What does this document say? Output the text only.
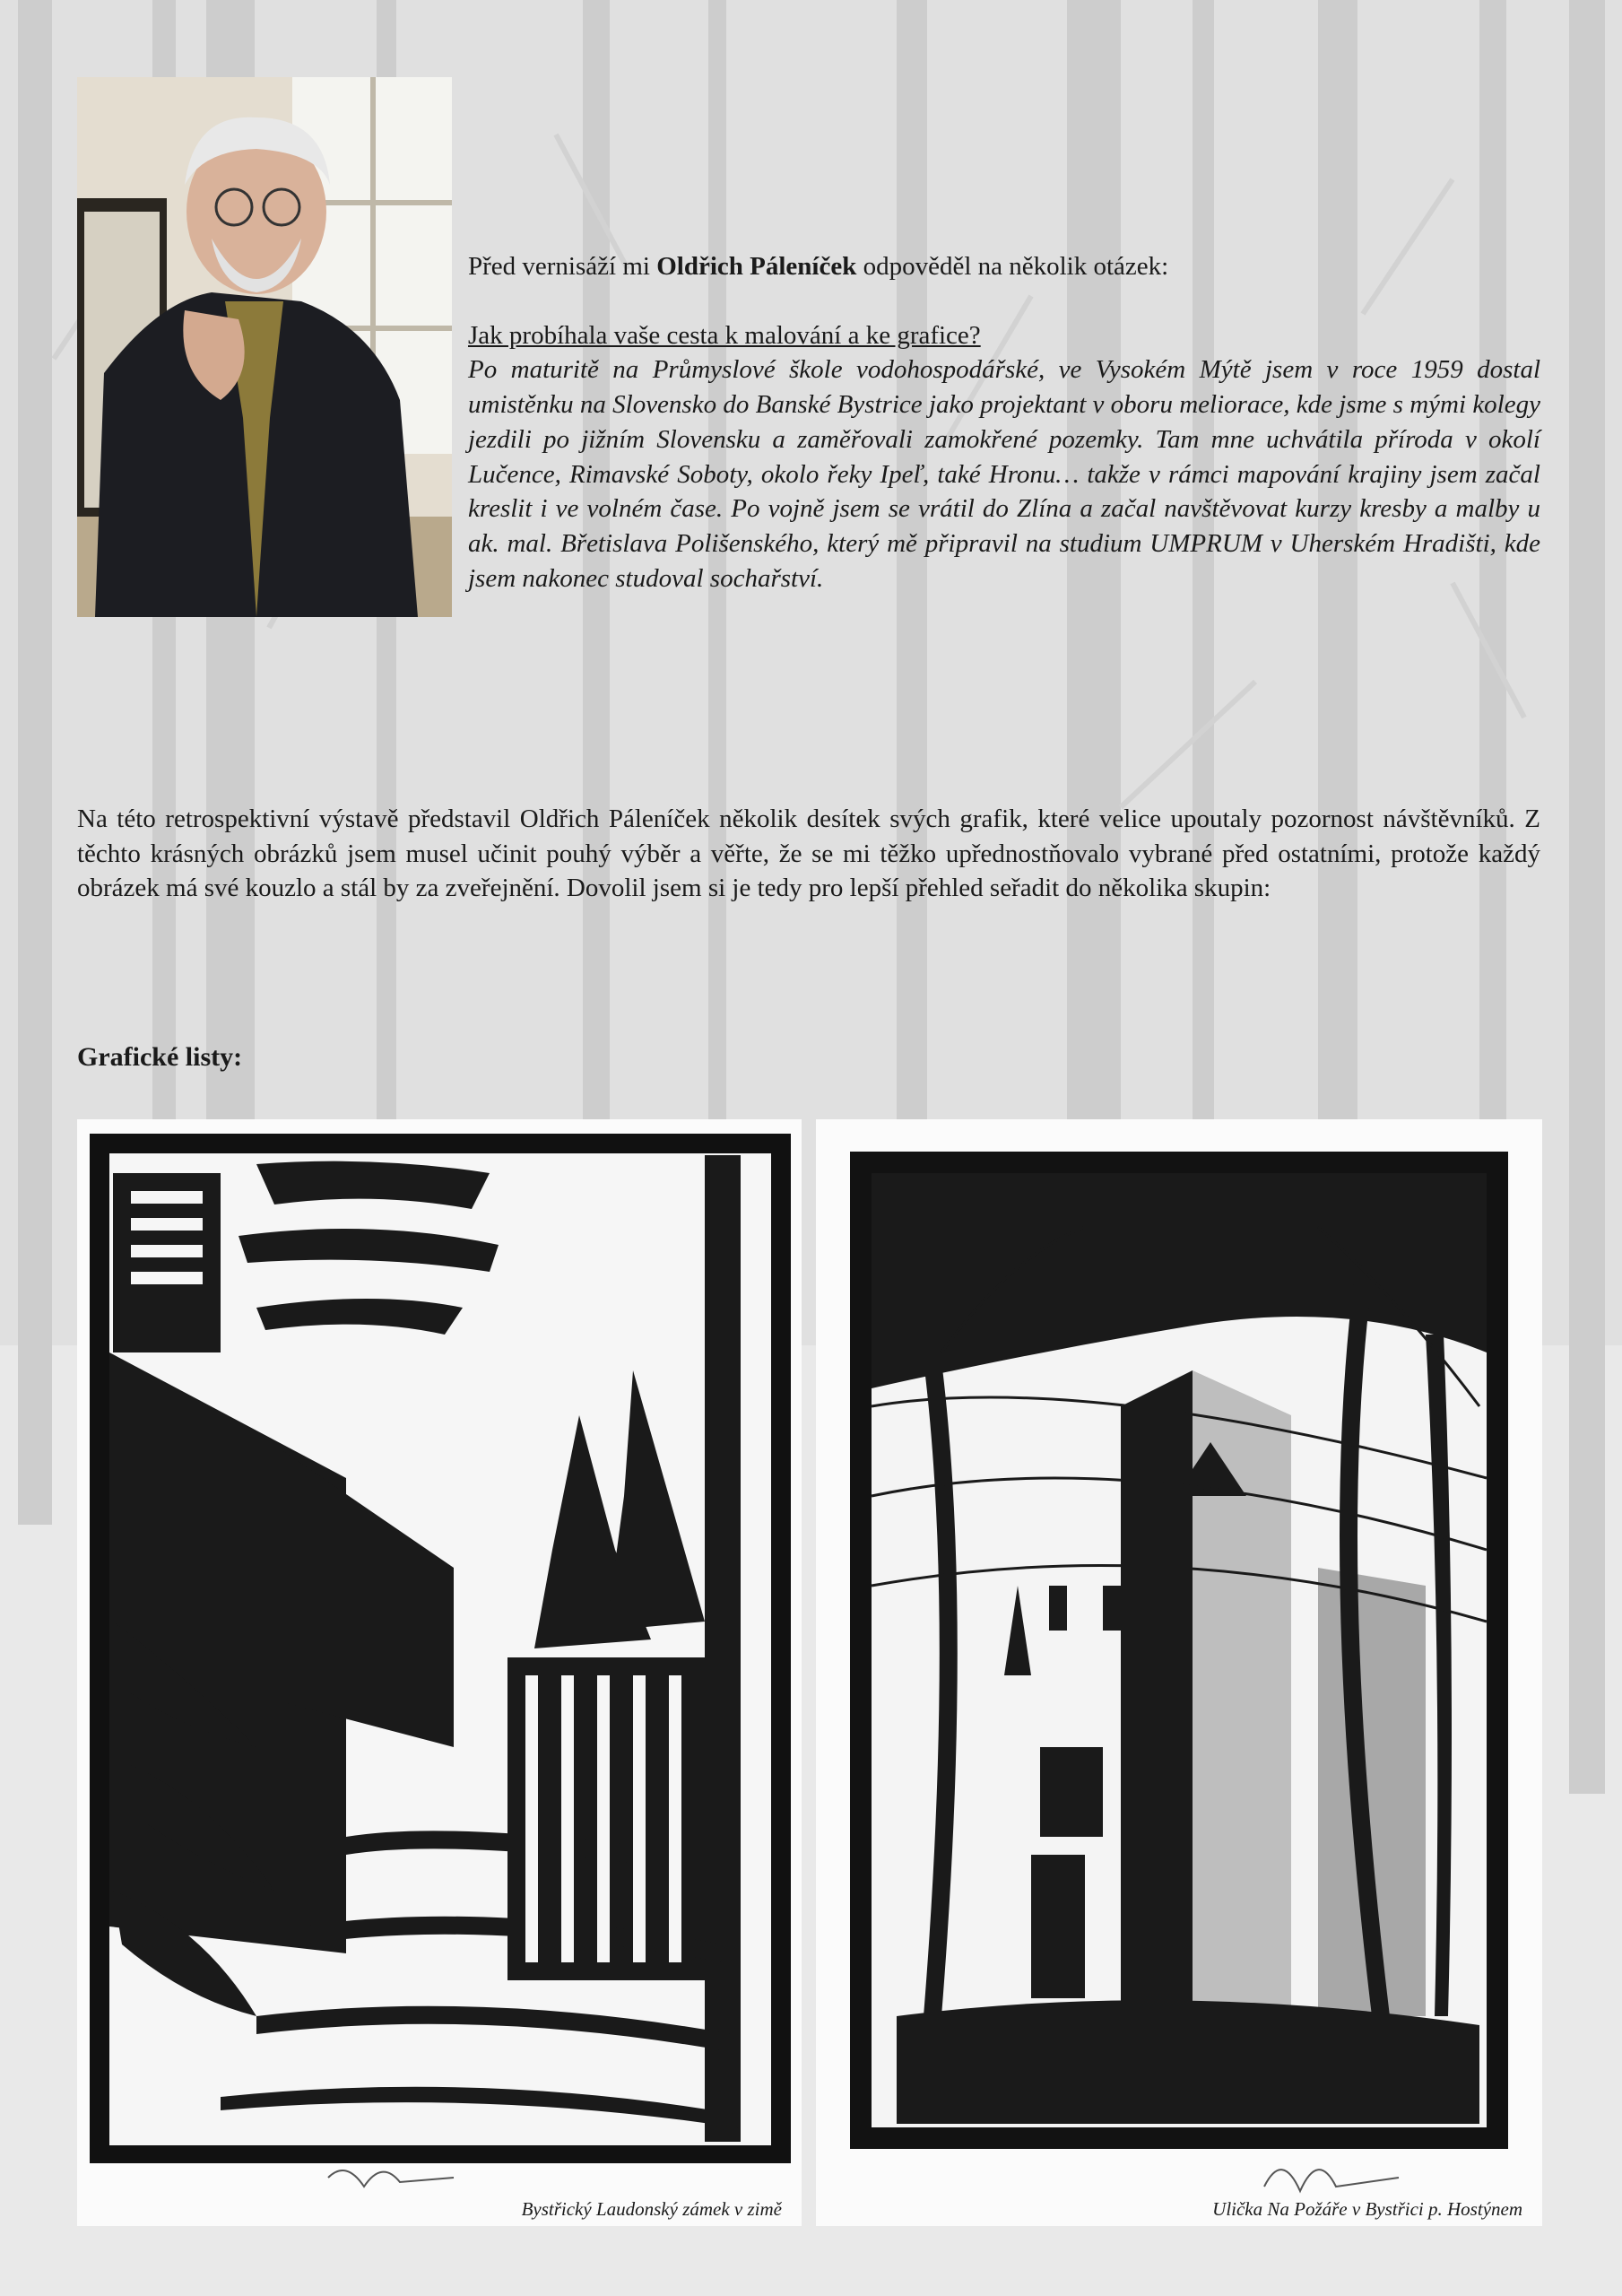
Před vernisáží mi Oldřich Páleníček odpověděl na několik otázek:

Jak probíhala vaše cesta k malování a ke grafice?

Po maturitě na Průmyslové škole vodohospodářské, ve Vysokém Mýtě jsem v roce 1959 dostal umistěnku na Slovensko do Banské Bystrice jako projektant v oboru meliorace, kde jsme s mými kolegy jezdili po jižním Slovensku a zaměřovali zamokřené pozemky. Tam mne uchvátila příroda v okolí Lučence, Rimavské Soboty, okolo řeky Ipeľ, také Hronu… takže v rámci mapování krajiny jsem začal kreslit i ve volném čase. Po vojně jsem se vrátil do Zlína a začal navštěvovat kurzy kresby a malby u ak. mal. Břetislava Polišenského, který mě připravil na studium UMPRUM v Uherském Hradišti, kde jsem nakonec studoval sochařství.

Na této retrospektivní výstavě představil Oldřich Páleníček několik desítek svých grafik, které velice upoutaly pozornost návštěvníků. Z těchto krásných obrázků jsem musel učinit pouhý výběr a věřte, že se mi těžko upřednostňovalo vybrané před ostatními, protože každý obrázek má své kouzlo a stál by za zveřejnění. Dovolil jsem si je tedy pro lepší přehled seřadit do několika skupin:

Grafické listy:
Bystřický Laudonský zámek v zimě	Ulička Na Požáře v Bystřici p. Hostýnem
